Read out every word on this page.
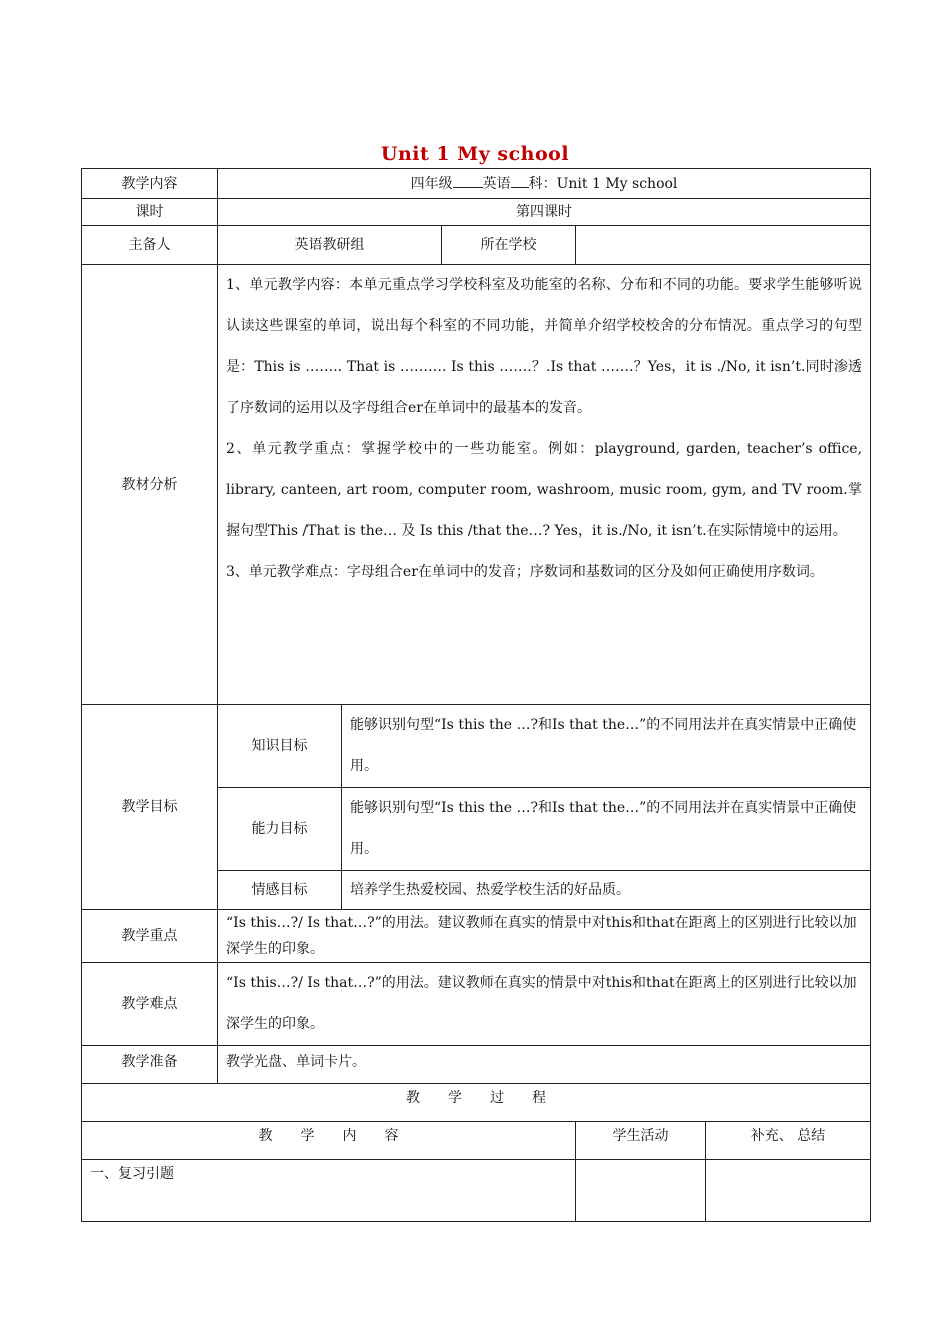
Unit 1 My school
教学内容	四年级 英语 科：Unit 1 My school				
课时	第四课时				
主备人	英语教研组		所在学校		
教材分析	1、单元教学内容：本单元重点学习学校科室及功能室的名称、分布和不同的功能。要求学生能够听说认读这些课室的单词，说出每个科室的不同功能，并简单介绍学校校舍的分布情况。重点学习的句型是：This is …….. That is ………. Is this …….？.Is that …….？Yes，it is ./No, it isn’t.同时渗透了序数词的运用以及字母组合er在单词中的最基本的发音。

2、单元教学重点：掌握学校中的一些功能室。例如：playground, garden, teacher’s office, library, canteen, art room, computer room, washroom, music room, gym, and TV room.掌握句型This /That is the… 及 Is this /that the…? Yes，it is./No, it isn’t.在实际情境中的运用。

3、单元教学难点：字母组合er在单词中的发音；序数词和基数词的区分及如何正确使用序数词。				

教学目标	知识目标	能够识别句型“Is this the …?和Is that the…”的不同用法并在真实情景中正确使用。			
	能力目标	能够识别句型“Is this the …?和Is that the…”的不同用法并在真实情景中正确使用。			
	情感目标	培养学生热爱校园、热爱学校生活的好品质。			
教学重点	“Is this…?/ Is that…?”的用法。建议教师在真实的情景中对this和that在距离上的区别进行比较以加深学生的印象。				
教学难点	“Is this…?/ Is that…?”的用法。建议教师在真实的情景中对this和that在距离上的区别进行比较以加深学生的印象。				
教学准备	教学光盘、单词卡片。				
教　　学　　过　　程					
教　　学　　内　　容				学生活动	补充、 总结
一、复习引题					
